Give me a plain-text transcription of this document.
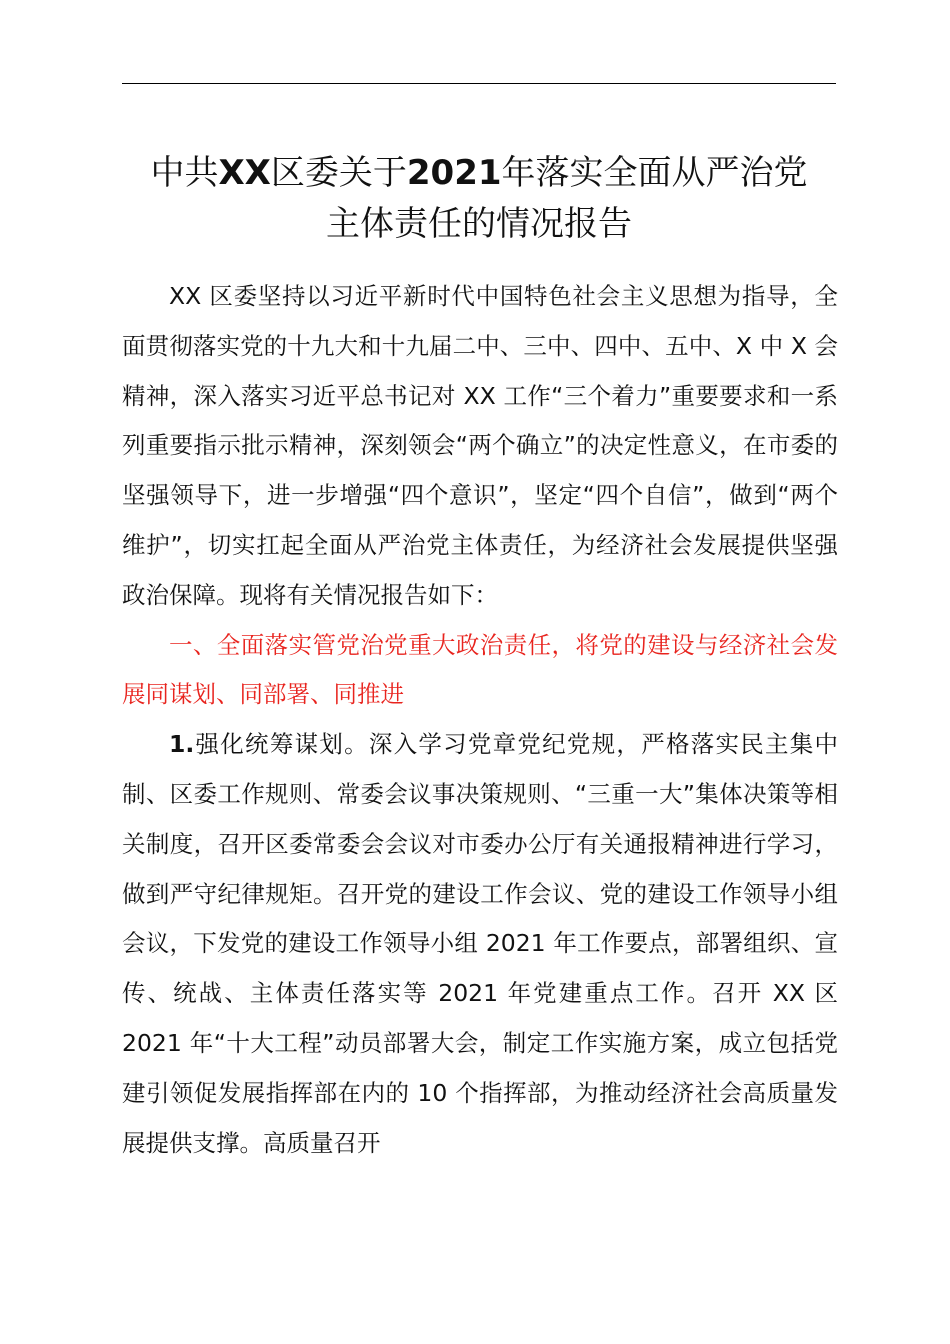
中共XX区委关于2021年落实全面从严治党
主体责任的情况报告

XX 区委坚持以习近平新时代中国特色社会主义思想为指导，全面贯彻落实党的十九大和十九届二中、三中、四中、五中、X 中 X 会精神，深入落实习近平总书记对 XX 工作“三个着力”重要要求和一系列重要指示批示精神，深刻领会“两个确立”的决定性意义，在市委的坚强领导下，进一步增强“四个意识”，坚定“四个自信”，做到“两个维护”，切实扛起全面从严治党主体责任，为经济社会发展提供坚强政治保障。现将有关情况报告如下：

一、全面落实管党治党重大政治责任，将党的建设与经济社会发展同谋划、同部署、同推进

1.强化统筹谋划。深入学习党章党纪党规，严格落实民主集中制、区委工作规则、常委会议事决策规则、“三重一大”集体决策等相关制度，召开区委常委会会议对市委办公厅有关通报精神进行学习，做到严守纪律规矩。召开党的建设工作会议、党的建设工作领导小组会议，下发党的建设工作领导小组 2021 年工作要点，部署组织、宣传、统战、主体责任落实等 2021 年党建重点工作。召开 XX 区 2021 年“十大工程”动员部署大会，制定工作实施方案，成立包括党建引领促发展指挥部在内的 10 个指挥部，为推动经济社会高质量发展提供支撑。高质量召开
